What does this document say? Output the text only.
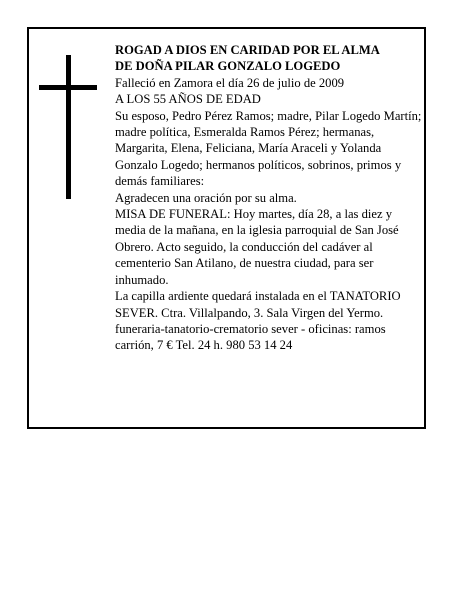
ROGAD A DIOS EN CARIDAD POR EL ALMA

DE DOÑA PILAR GONZALO LOGEDO

Falleció en Zamora el día 26 de julio de 2009

A LOS 55 AÑOS DE EDAD

Su esposo, Pedro Pérez Ramos; madre, Pilar Logedo Martín; madre política, Esmeralda Ramos Pérez; hermanas, Margarita, Elena, Feliciana, María Araceli y Yolanda Gonzalo Logedo; hermanos políticos, sobrinos, primos y demás familiares:

Agradecen una oración por su alma.

MISA DE FUNERAL: Hoy martes, día 28, a las diez y media de la mañana, en la iglesia parroquial de San José Obrero. Acto seguido, la conducción del cadáver al cementerio San Atilano, de nuestra ciudad, para ser inhumado.

La capilla ardiente quedará instalada en el TANATORIO SEVER. Ctra. Villalpando, 3. Sala Virgen del Yermo.

funeraria-tanatorio-crematorio sever - oficinas: ramos carrión, 7 € Tel. 24 h. 980 53 14 24
